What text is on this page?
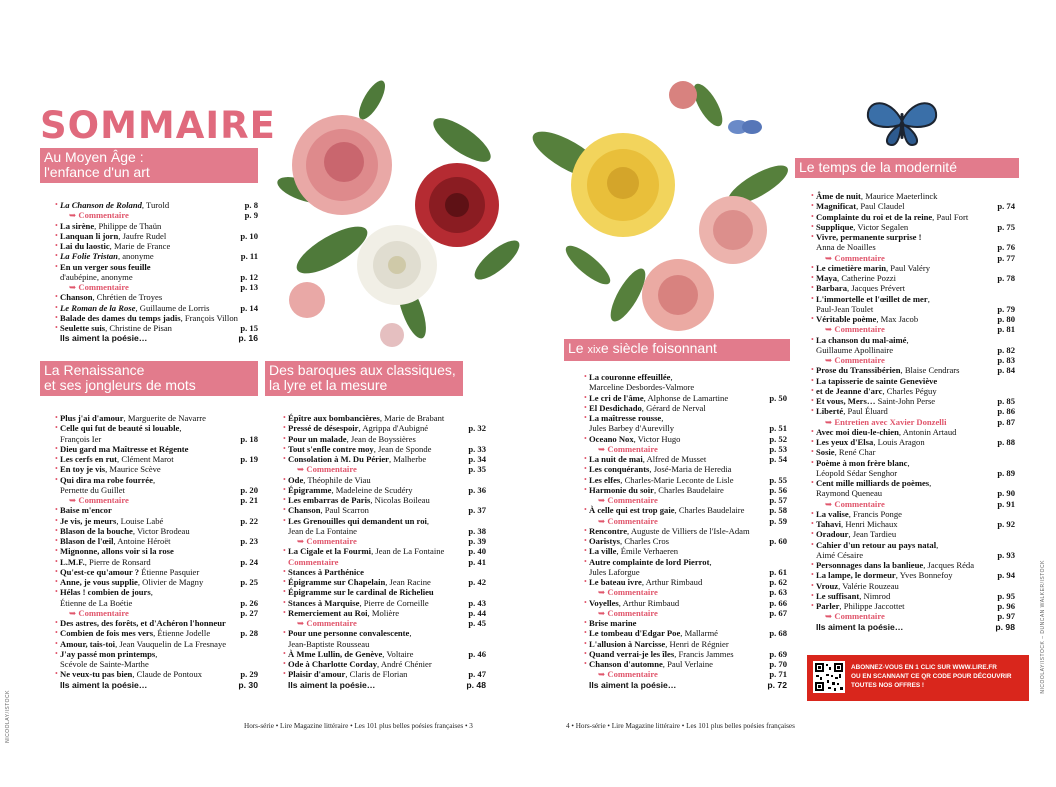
SOMMAIRE
Au Moyen Âge :
l'enfance d'un art
La Renaissance
et ses jongleurs de mots
Des baroques aux classiques,
la lyre et la mesure
Le xixe siècle foisonnant
Le temps de la modernité
• La Chanson de Roland, Turold	p. 8
➥ Commentaire	p. 9
• La sirène, Philippe de Thaün
• Lanquan li jorn, Jaufre Rudel	p. 10
• Lai du laostic, Marie de France
• La Folie Tristan, anonyme	p. 11
• En un verger sous feuille
d'aubépine, anonyme	p. 12
➥ Commentaire	p. 13
• Chanson, Chrétien de Troyes
• Le Roman de la Rose, Guillaume de Lorris	p. 14
• Balade des dames du temps jadis, François Villon
• Seulette suis, Christine de Pisan	p. 15
Ils aiment la poésie…	p. 16
• Plus j'ai d'amour, Marguerite de Navarre
• Celle qui fut de beauté si louable,
François Ier	p. 18
• Dieu gard ma Maîtresse et Régente
• Les cerfs en rut, Clément Marot	p. 19
• En toy je vis, Maurice Scève
• Qui dira ma robe fourrée,
Pernette du Guillet	p. 20
➥ Commentaire	p. 21
• Baise m'encor
• Je vis, je meurs, Louise Labé	p. 22
• Blason de la bouche, Victor Brodeau
• Blason de l'œil, Antoine Héroët	p. 23
• Mignonne, allons voir si la rose
• L.M.F., Pierre de Ronsard	p. 24
• Qu'est-ce qu'amour ? Étienne Pasquier
• Anne, je vous supplie, Olivier de Magny	p. 25
• Hélas ! combien de jours,
Étienne de La Boétie	p. 26
➥ Commentaire	p. 27
• Des astres, des forêts, et d'Achéron l'honneur
• Combien de fois mes vers, Étienne Jodelle	p. 28
• Amour, tais-toi, Jean Vauquelin de La Fresnaye
• J'ay passé mon printemps,
Scévole de Sainte-Marthe
• Ne veux-tu pas bien, Claude de Pontoux	p. 29
Ils aiment la poésie…	p. 30
• Épître aux bombancières, Marie de Brabant
• Pressé de désespoir, Agrippa d'Aubigné	p. 32
• Pour un malade, Jean de Boyssières
• Tout s'enfle contre moy, Jean de Sponde	p. 33
• Consolation à M. Du Périer, Malherbe	p. 34
➥ Commentaire	p. 35
• Ode, Théophile de Viau
• Épigramme, Madeleine de Scudéry	p. 36
• Les embarras de Paris, Nicolas Boileau
• Chanson, Paul Scarron	p. 37
• Les Grenouilles qui demandent un roi,
Jean de La Fontaine	p. 38
➥ Commentaire	p. 39
• La Cigale et la Fourmi, Jean de La Fontaine	p. 40
Commentaire	p. 41
• Stances à Parthénice
• Épigramme sur Chapelain, Jean Racine	p. 42
• Épigramme sur le cardinal de Richelieu
• Stances à Marquise, Pierre de Corneille	p. 43
• Remerciement au Roi, Molière	p. 44
➥ Commentaire	p. 45
• Pour une personne convalescente,
Jean-Baptiste Rousseau
• À Mme Lullin, de Genève, Voltaire	p. 46
• Ode à Charlotte Corday, André Chénier
• Plaisir d'amour, Claris de Florian	p. 47
Ils aiment la poésie…	p. 48
• La couronne effeuillée,
Marceline Desbordes-Valmore
• Le cri de l'âme, Alphonse de Lamartine	p. 50
• El Desdichado, Gérard de Nerval
• La maîtresse rousse,
Jules Barbey d'Aurevilly	p. 51
• Oceano Nox, Victor Hugo	p. 52
➥ Commentaire	p. 53
• La nuit de mai, Alfred de Musset	p. 54
• Les conquérants, José-Maria de Heredia
• Les elfes, Charles-Marie Leconte de Lisle	p. 55
• Harmonie du soir, Charles Baudelaire	p. 56
➥ Commentaire	p. 57
• À celle qui est trop gaie, Charles Baudelaire	p. 58
➥ Commentaire	p. 59
• Rencontre, Auguste de Villiers de l'Isle-Adam
• Oaristys, Charles Cros	p. 60
• La ville, Émile Verhaeren
• Autre complainte de lord Pierrot,
Jules Laforgue	p. 61
• Le bateau ivre, Arthur Rimbaud	p. 62
➥ Commentaire	p. 63
• Voyelles, Arthur Rimbaud	p. 66
➥ Commentaire	p. 67
• Brise marine
• Le tombeau d'Edgar Poe, Mallarmé	p. 68
• L'allusion à Narcisse, Henri de Régnier
• Quand verrai-je les îles, Francis Jammes	p. 69
• Chanson d'automne, Paul Verlaine	p. 70
➥ Commentaire	p. 71
Ils aiment la poésie…	p. 72
• Âme de nuit, Maurice Maeterlinck
• Magnificat, Paul Claudel	p. 74
• Complainte du roi et de la reine, Paul Fort
• Supplique, Victor Segalen	p. 75
• Vivre, permanente surprise !
Anna de Noailles	p. 76
➥ Commentaire	p. 77
• Le cimetière marin, Paul Valéry
• Maya, Catherine Pozzi	p. 78
• Barbara, Jacques Prévert
• L'immortelle et l'œillet de mer,
Paul-Jean Toulet	p. 79
• Véritable poème, Max Jacob	p. 80
➥ Commentaire	p. 81
• La chanson du mal-aimé,
Guillaume Apollinaire	p. 82
➥ Commentaire	p. 83
• Prose du Transsibérien, Blaise Cendrars	p. 84
• La tapisserie de sainte Geneviève
• et de Jeanne d'arc, Charles Péguy
• Et vous, Mers… Saint-John Perse	p. 85
• Liberté, Paul Éluard	p. 86
➥ Entretien avec Xavier Donzelli	p. 87
• Avec moi dieu-le-chien, Antonin Artaud
• Les yeux d'Elsa, Louis Aragon	p. 88
• Sosie, René Char
• Poème à mon frère blanc,
Léopold Sédar Senghor	p. 89
• Cent mille milliards de poèmes,
Raymond Queneau	p. 90
➥ Commentaire	p. 91
• La valise, Francis Ponge
• Tahavi, Henri Michaux	p. 92
• Oradour, Jean Tardieu
• Cahier d'un retour au pays natal,
Aimé Césaire	p. 93
• Personnages dans la banlieue, Jacques Réda
• La lampe, le dormeur, Yves Bonnefoy	p. 94
• Vrouz, Valérie Rouzeau
• Le suffisant, Nimrod	p. 95
• Parler, Philippe Jaccottet	p. 96
➥ Commentaire	p. 97
Ils aiment la poésie…	p. 98
Hors-série • Lire Magazine littéraire • Les 101 plus belles poésies françaises • 3	4 • Hors-série • Lire Magazine littéraire • Les 101 plus belles poésies françaises
NICOOLAY/ISTOCK
NICOOLAY/ISTOCK – DUNCAN WALKER/ISTOCK
ABONNEZ-VOUS EN 1 CLIC SUR WWW.LIRE.FR
OU EN SCANNANT CE QR CODE POUR DÉCOUVRIR
TOUTES NOS OFFRES !
